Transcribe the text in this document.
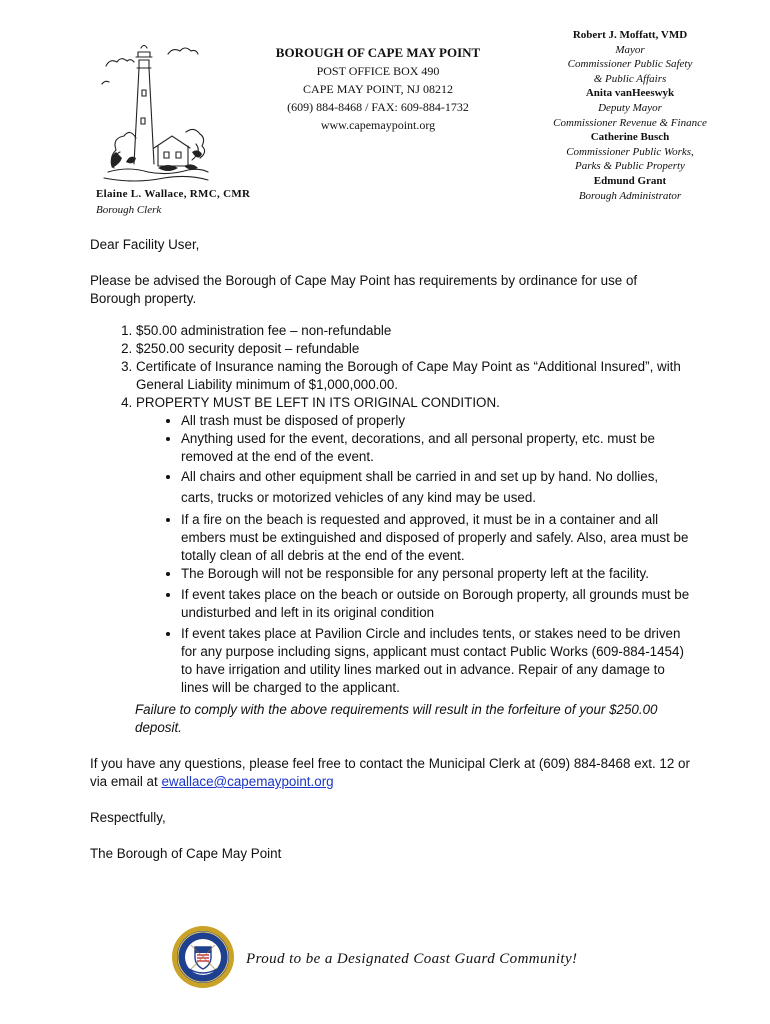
BOROUGH OF CAPE MAY POINT
POST OFFICE BOX 490
CAPE MAY POINT, NJ 08212
(609) 884-8468 / FAX: 609-884-1732
www.capemaypoint.org
Robert J. Moffatt, VMD
Mayor
Commissioner Public Safety
& Public Affairs
Anita vanHeeswyk
Deputy Mayor
Commissioner Revenue & Finance
Catherine Busch
Commissioner Public Works,
Parks & Public Property
Edmund Grant
Borough Administrator
Elaine L. Wallace, RMC, CMR
Borough Clerk

Dear Facility User,

Please be advised the Borough of Cape May Point has requirements by ordinance for use of Borough property.

1. $50.00 administration fee – non-refundable
2. $250.00 security deposit – refundable
3. Certificate of Insurance naming the Borough of Cape May Point as “Additional Insured”, with General Liability minimum of $1,000,000.00.
4. PROPERTY MUST BE LEFT IN ITS ORIGINAL CONDITION.
• All trash must be disposed of properly
• Anything used for the event, decorations, and all personal property, etc. must be removed at the end of the event.
• All chairs and other equipment shall be carried in and set up by hand. No dollies, carts, trucks or motorized vehicles of any kind may be used.
• If a fire on the beach is requested and approved, it must be in a container and all embers must be extinguished and disposed of properly and safely. Also, area must be totally clean of all debris at the end of the event.
• The Borough will not be responsible for any personal property left at the facility.
• If event takes place on the beach or outside on Borough property, all grounds must be undisturbed and left in its original condition
• If event takes place at Pavilion Circle and includes tents, or stakes need to be driven for any purpose including signs, applicant must contact Public Works (609-884-1454) to have irrigation and utility lines marked out in advance. Repair of any damage to lines will be charged to the applicant.

Failure to comply with the above requirements will result in the forfeiture of your $250.00 deposit.

If you have any questions, please feel free to contact the Municipal Clerk at (609) 884-8468 ext. 12 or via email at ewallace@capemaypoint.org

Respectfully,

The Borough of Cape May Point

Proud to be a Designated Coast Guard Community!
